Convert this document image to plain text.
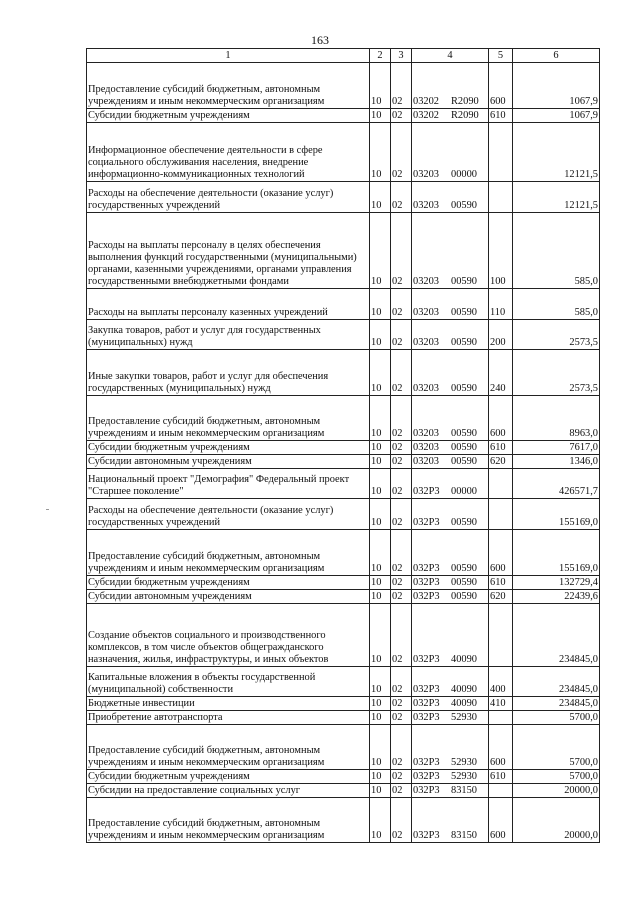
163
1	2	3	4	5	6
Предоставление субсидий бюджетным, автономным учреждениям и иным некоммерческим организациям	10	02	03202 R2090	600	1067,9
Субсидии бюджетным учреждениям	10	02	03202 R2090	610	1067,9
Информационное обеспечение деятельности в сфере социального обслуживания населения, внедрение информационно-коммуникационных технологий	10	02	03203 00000		12121,5
Расходы на обеспечение деятельности (оказание услуг) государственных учреждений	10	02	03203 00590		12121,5
Расходы на выплаты персоналу в целях обеспечения выполнения функций государственными (муниципальными) органами, казенными учреждениями, органами управления государственными внебюджетными фондами	10	02	03203 00590	100	585,0
Расходы на выплаты персоналу казенных учреждений	10	02	03203 00590	110	585,0
Закупка товаров, работ и услуг для государственных (муниципальных) нужд	10	02	03203 00590	200	2573,5
Иные закупки товаров, работ и услуг для обеспечения государственных (муниципальных) нужд	10	02	03203 00590	240	2573,5
Предоставление субсидий бюджетным, автономным учреждениям и иным некоммерческим организациям	10	02	03203 00590	600	8963,0
Субсидии бюджетным учреждениям	10	02	03203 00590	610	7617,0
Субсидии автономным учреждениям	10	02	03203 00590	620	1346,0
Национальный проект "Демография" Федеральный проект "Старшее поколение"	10	02	032Р3 00000		426571,7
Расходы на обеспечение деятельности (оказание услуг) государственных учреждений	10	02	032Р3 00590		155169,0
Предоставление субсидий бюджетным, автономным учреждениям и иным некоммерческим организациям	10	02	032Р3 00590	600	155169,0
Субсидии бюджетным учреждениям	10	02	032Р3 00590	610	132729,4
Субсидии автономным учреждениям	10	02	032Р3 00590	620	22439,6
Создание объектов социального и производственного комплексов, в том числе объектов общегражданского назначения, жилья, инфраструктуры, и иных объектов	10	02	032Р3 40090		234845,0
Капитальные вложения в объекты государственной (муниципальной) собственности	10	02	032Р3 40090	400	234845,0
Бюджетные инвестиции	10	02	032Р3 40090	410	234845,0
Приобретение автотранспорта	10	02	032Р3 52930		5700,0
Предоставление субсидий бюджетным, автономным учреждениям и иным некоммерческим организациям	10	02	032Р3 52930	600	5700,0
Субсидии бюджетным учреждениям	10	02	032Р3 52930	610	5700,0
Субсидии на предоставление социальных услуг	10	02	032Р3 83150		20000,0
Предоставление субсидий бюджетным, автономным учреждениям и иным некоммерческим организациям	10	02	032Р3 83150	600	20000,0
